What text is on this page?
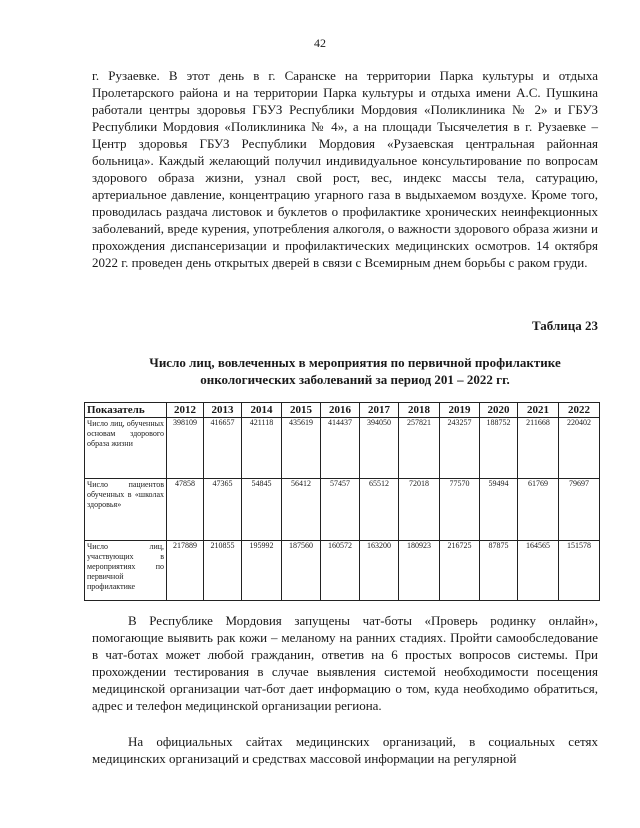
42

г. Рузаевке. В этот день в г. Саранске на территории Парка культуры и отдыха Пролетарского района и на территории Парка культуры и отдыха имени А.С. Пушкина работали центры здоровья ГБУЗ Республики Мордовия «Поликлиника № 2» и ГБУЗ Республики Мордовия «Поликлиника № 4», а на площади Тысячелетия в г. Рузаевке – Центр здоровья ГБУЗ Республики Мордовия «Рузаевская центральная районная больница». Каждый желающий получил индивидуальное консультирование по вопросам здорового образа жизни, узнал свой рост, вес, индекс массы тела, сатурацию, артериальное давление, концентрацию угарного газа в выдыхаемом воздухе. Кроме того, проводилась раздача листовок и буклетов о профилактике хронических неинфекционных заболеваний, вреде курения, употребления алкоголя, о важности здорового образа жизни и прохождения диспансеризации и профилактических медицинских осмотров. 14 октября 2022 г. проведен день открытых дверей в связи с Всемирным днем борьбы с раком груди.

Таблица 23
Число лиц, вовлеченных в мероприятия по первичной профилактике онкологических заболеваний за период 201 – 2022 гг.
Показатель	2012	2013	2014	2015	2016	2017	2018	2019	2020	2021	2022
Число лиц, обученных основам здорового образа жизни	398109	416657	421118	435619	414437	394050	257821	243257	188752	211668	220402
Число пациентов обученных в «школах здоровья»	47858	47365	54845	56412	57457	65512	72018	77570	59494	61769	79697
Число лиц, участвующих в мероприятиях по первичной профилактике	217889	210855	195992	187560	160572	163200	180923	216725	87875	164565	151578

В Республике Мордовия запущены чат-боты «Проверь родинку онлайн», помогающие выявить рак кожи – меланому на ранних стадиях. Пройти самообследование в чат-ботах может любой гражданин, ответив на 6 простых вопросов системы. При прохождении тестирования в случае выявления системой необходимости посещения медицинской организации чат-бот дает информацию о том, куда необходимо обратиться, адрес и телефон медицинской организации региона.

На официальных сайтах медицинских организаций, в социальных сетях медицинских организаций и средствах массовой информации на регулярной
